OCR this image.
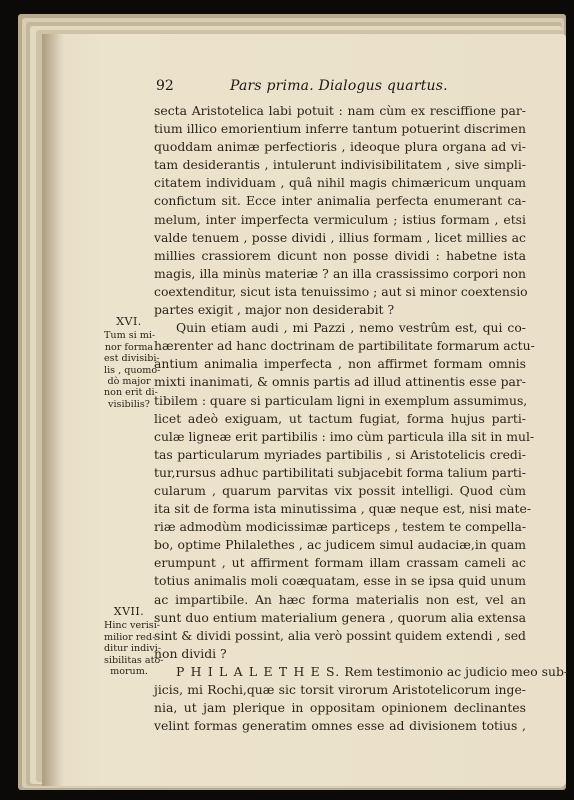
92	Pars prima. Dialogus quartus.
secta Aristotelica labi potuit : nam cùm ex resciffione par-
tium illico emorientium inferre tantum potuerint discrimen
quoddam animæ perfectioris , ideoque plura organa ad vi-
tam desiderantis , intulerunt indivisibilitatem , sive simpli-
citatem individuam , quâ nihil magis chimæricum unquam
confictum sit. Ecce inter animalia perfecta enumerant ca-
melum, inter imperfecta vermiculum ; istius formam , etsi
valde tenuem , posse dividi , illius formam , licet millies ac
millies crassiorem dicunt non posse dividi : habetne ista
magis, illa minùs materiæ ? an illa crassissimo corpori non
coextenditur, sicut ista tenuissimo ; aut si minor coextensio
partes exigit , major non desiderabit ?
Quin etiam audi , mi Pazzi , nemo vestrûm est, qui co-
hærenter ad hanc doctrinam de partibilitate formarum actu-
antium animalia imperfecta , non affirmet formam omnis
mixti inanimati, & omnis partis ad illud attinentis esse par-
tibilem : quare si particulam ligni in exemplum assumimus,
licet adeò exiguam, ut tactum fugiat, forma hujus parti-
culæ ligneæ erit partibilis : imo cùm particula illa sit in mul-
tas particularum myriades partibilis , si Aristotelicis credi-
tur,rursus adhuc partibilitati subjacebit forma talium parti-
cularum , quarum parvitas vix possit intelligi. Quod cùm
ita sit de forma ista minutissima , quæ neque est, nisi mate-
riæ admodùm modicissimæ particeps , testem te compella-
bo, optime Philalethes , ac judicem simul audaciæ,in quam
erumpunt , ut affirment formam illam crassam cameli ac
totius animalis moli coæquatam, esse in se ipsa quid unum
ac impartibile. An hæc forma materialis non est, vel an
sunt duo entium materialium genera , quorum alia extensa
sint & dividi possint, alia verò possint quidem extendi , sed
non dividi ?
P H I L A L E T H E S. Rem testimonio ac judicio meo sub-
jicis, mi Rochi,quæ sic torsit virorum Aristotelicorum inge-
nia, ut jam plerique in oppositam opinionem declinantes
velint formas generatim omnes esse ad divisionem totius ,
XVI.
Tum si mi-
nor forma
est divisibi-
lis , quomo-
dò major
non erit di-
visibilis?
XVII.
Hinc verisi-
milior red-
ditur indivi-
sibilitas ato-
morum.
